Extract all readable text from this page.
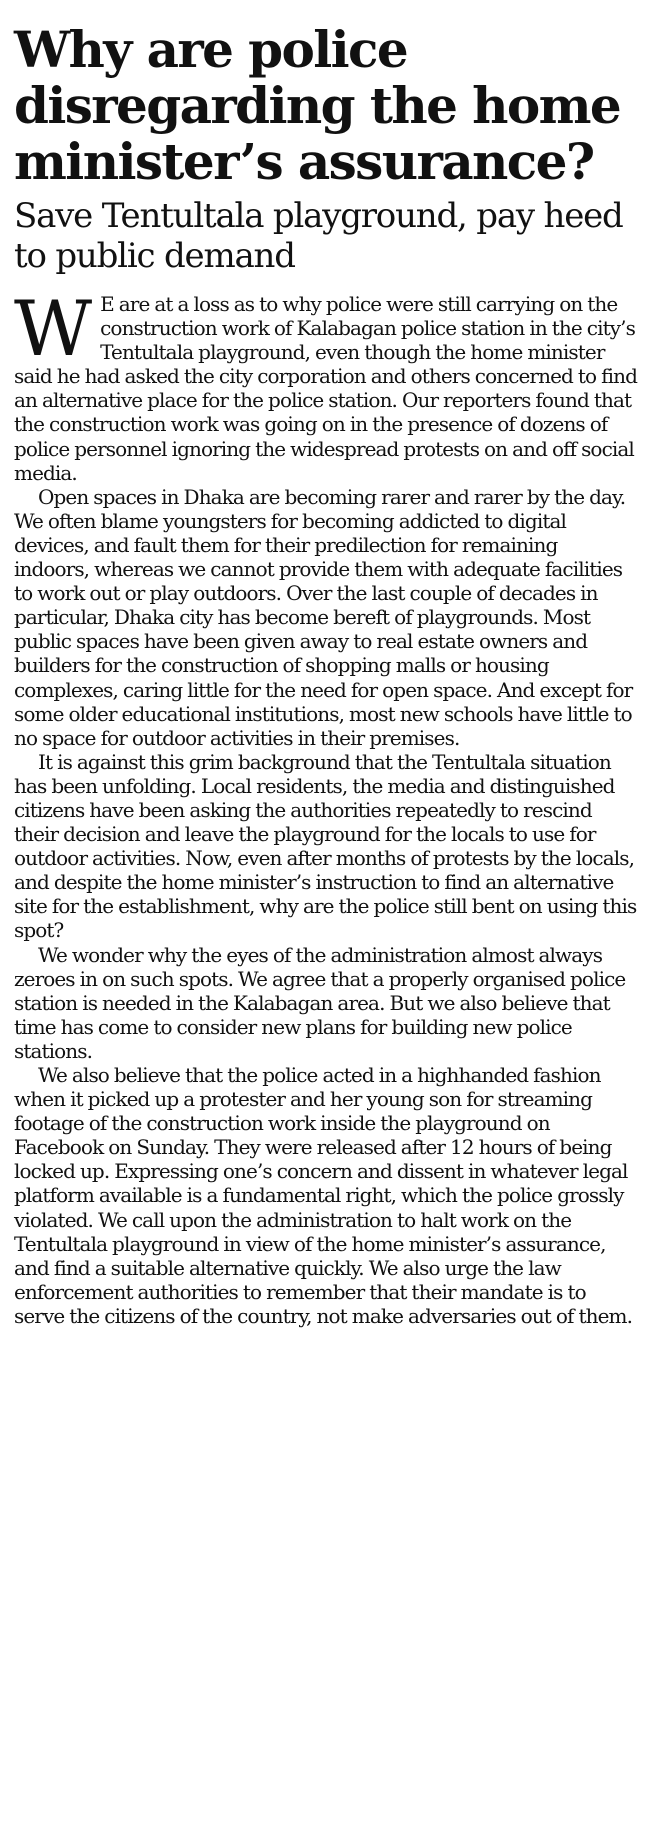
Why are police disregarding the home minister’s assurance?
Save Tentultala playground, pay heed to public demand

W E are at a loss as to why police were still carrying on the construction work of Kalabagan police station in the city’s Tentultala playground, even though the home minister said he had asked the city corporation and others concerned to find an alternative place for the police station. Our reporters found that the construction work was going on in the presence of dozens of police personnel ignoring the widespread protests on and off social media.

Open spaces in Dhaka are becoming rarer and rarer by the day. We often blame youngsters for becoming addicted to digital devices, and fault them for their predilection for remaining indoors, whereas we cannot provide them with adequate facilities to work out or play outdoors. Over the last couple of decades in particular, Dhaka city has become bereft of playgrounds. Most public spaces have been given away to real estate owners and builders for the construction of shopping malls or housing complexes, caring little for the need for open space. And except for some older educational institutions, most new schools have little to no space for outdoor activities in their premises.

It is against this grim background that the Tentultala situation has been unfolding. Local residents, the media and distinguished citizens have been asking the authorities repeatedly to rescind their decision and leave the playground for the locals to use for outdoor activities. Now, even after months of protests by the locals, and despite the home minister’s instruction to find an alternative site for the establishment, why are the police still bent on using this spot?

We wonder why the eyes of the administration almost always zeroes in on such spots. We agree that a properly organised police station is needed in the Kalabagan area. But we also believe that time has come to consider new plans for building new police stations.

We also believe that the police acted in a highhanded fashion when it picked up a protester and her young son for streaming footage of the construction work inside the playground on Facebook on Sunday. They were released after 12 hours of being locked up. Expressing one’s concern and dissent in whatever legal platform available is a fundamental right, which the police grossly violated. We call upon the administration to halt work on the Tentultala playground in view of the home minister’s assurance, and find a suitable alternative quickly. We also urge the law enforcement authorities to remember that their mandate is to serve the citizens of the country, not make adversaries out of them.
